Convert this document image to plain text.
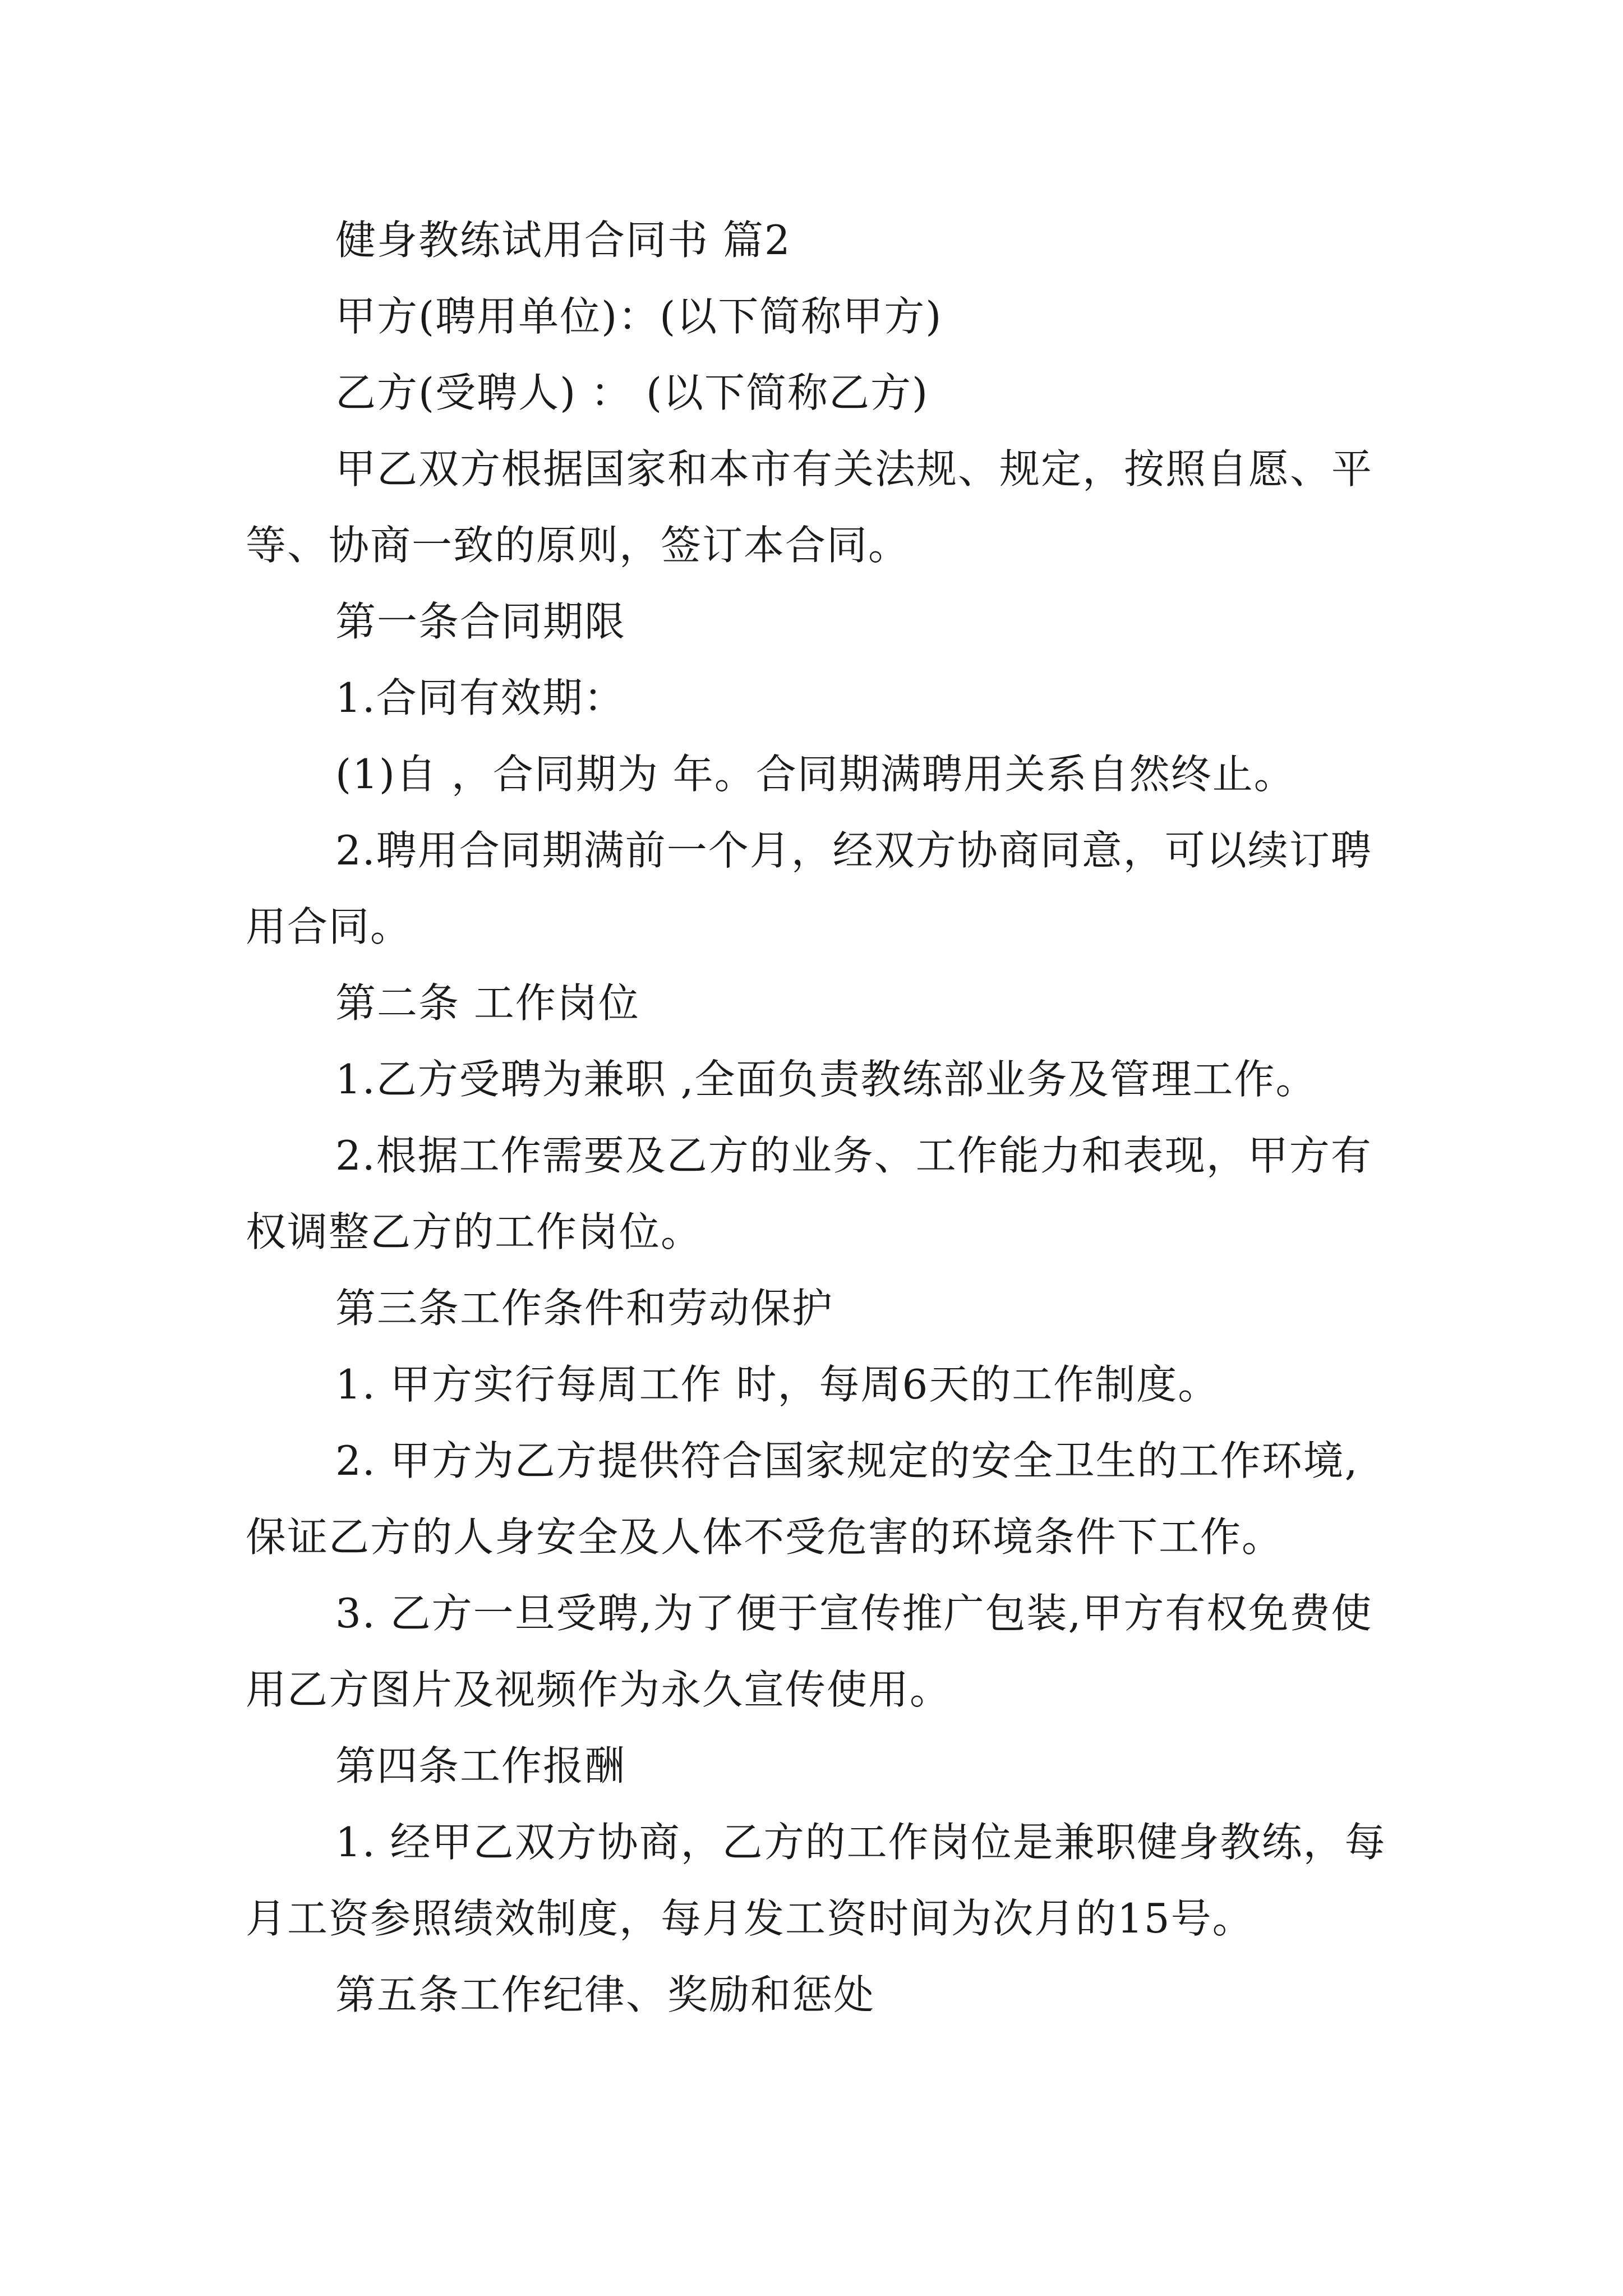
健身教练试用合同书 篇2

甲方(聘用单位)：(以下简称甲方)

乙方(受聘人) ： (以下简称乙方)

甲乙双方根据国家和本市有关法规、规定，按照自愿、平等、协商一致的原则，签订本合同。

第一条合同期限

1.合同有效期：

(1)自 ，合同期为 年。合同期满聘用关系自然终止。

2.聘用合同期满前一个月，经双方协商同意，可以续订聘用合同。

第二条 工作岗位

1.乙方受聘为兼职 ,全面负责教练部业务及管理工作。

2.根据工作需要及乙方的业务、工作能力和表现，甲方有权调整乙方的工作岗位。

第三条工作条件和劳动保护

1. 甲方实行每周工作 时，每周6天的工作制度。

2. 甲方为乙方提供符合国家规定的安全卫生的工作环境,保证乙方的人身安全及人体不受危害的环境条件下工作。

3. 乙方一旦受聘,为了便于宣传推广包装,甲方有权免费使用乙方图片及视频作为永久宣传使用。

第四条工作报酬

1. 经甲乙双方协商，乙方的工作岗位是兼职健身教练，每月工资参照绩效制度，每月发工资时间为次月的15号。

第五条工作纪律、奖励和惩处
